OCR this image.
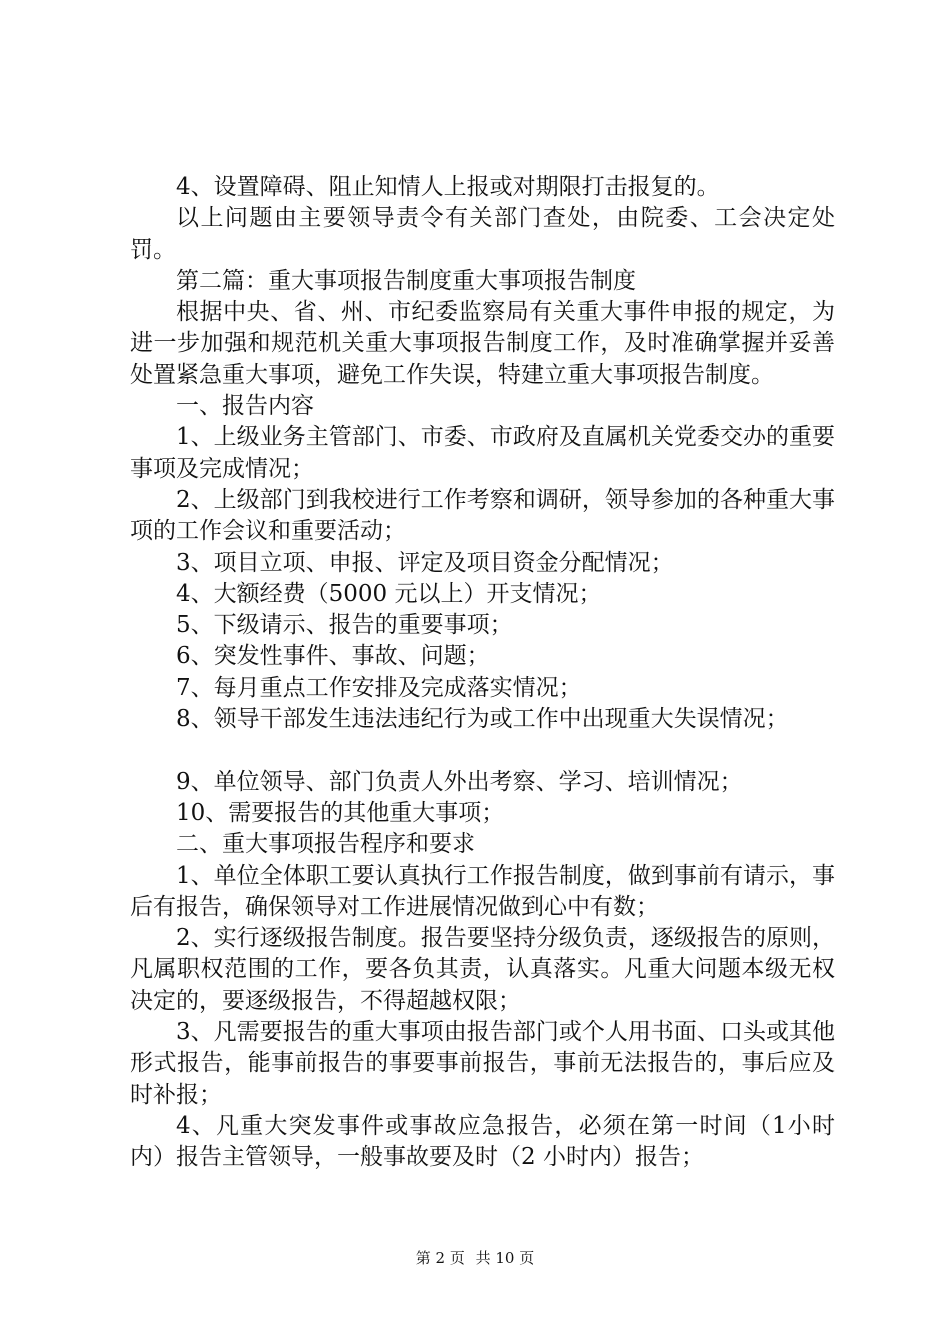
4、设置障碍、阻止知情人上报或对期限打击报复的。

以上问题由主要领导责令有关部门查处，由院委、工会决定处罚。

第二篇：重大事项报告制度重大事项报告制度

根据中央、省、州、市纪委监察局有关重大事件申报的规定，为进一步加强和规范机关重大事项报告制度工作，及时准确掌握并妥善处置紧急重大事项，避免工作失误，特建立重大事项报告制度。

一、报告内容

1、上级业务主管部门、市委、市政府及直属机关党委交办的重要事项及完成情况；

2、上级部门到我校进行工作考察和调研，领导参加的各种重大事项的工作会议和重要活动；

3、项目立项、申报、评定及项目资金分配情况；

4、大额经费（5000 元以上）开支情况；

5、下级请示、报告的重要事项；

6、突发性事件、事故、问题；

7、每月重点工作安排及完成落实情况；

8、领导干部发生违法违纪行为或工作中出现重大失误情况；

9、单位领导、部门负责人外出考察、学习、培训情况；

10、需要报告的其他重大事项；

二、重大事项报告程序和要求

1、单位全体职工要认真执行工作报告制度，做到事前有请示，事后有报告，确保领导对工作进展情况做到心中有数；

2、实行逐级报告制度。报告要坚持分级负责，逐级报告的原则，凡属职权范围的工作，要各负其责，认真落实。凡重大问题本级无权决定的，要逐级报告，不得超越权限；

3、凡需要报告的重大事项由报告部门或个人用书面、口头或其他形式报告，能事前报告的事要事前报告，事前无法报告的，事后应及时补报；

4、凡重大突发事件或事故应急报告，必须在第一时间（1小时内）报告主管领导，一般事故要及时（2 小时内）报告；

第 2 页 共 10 页
